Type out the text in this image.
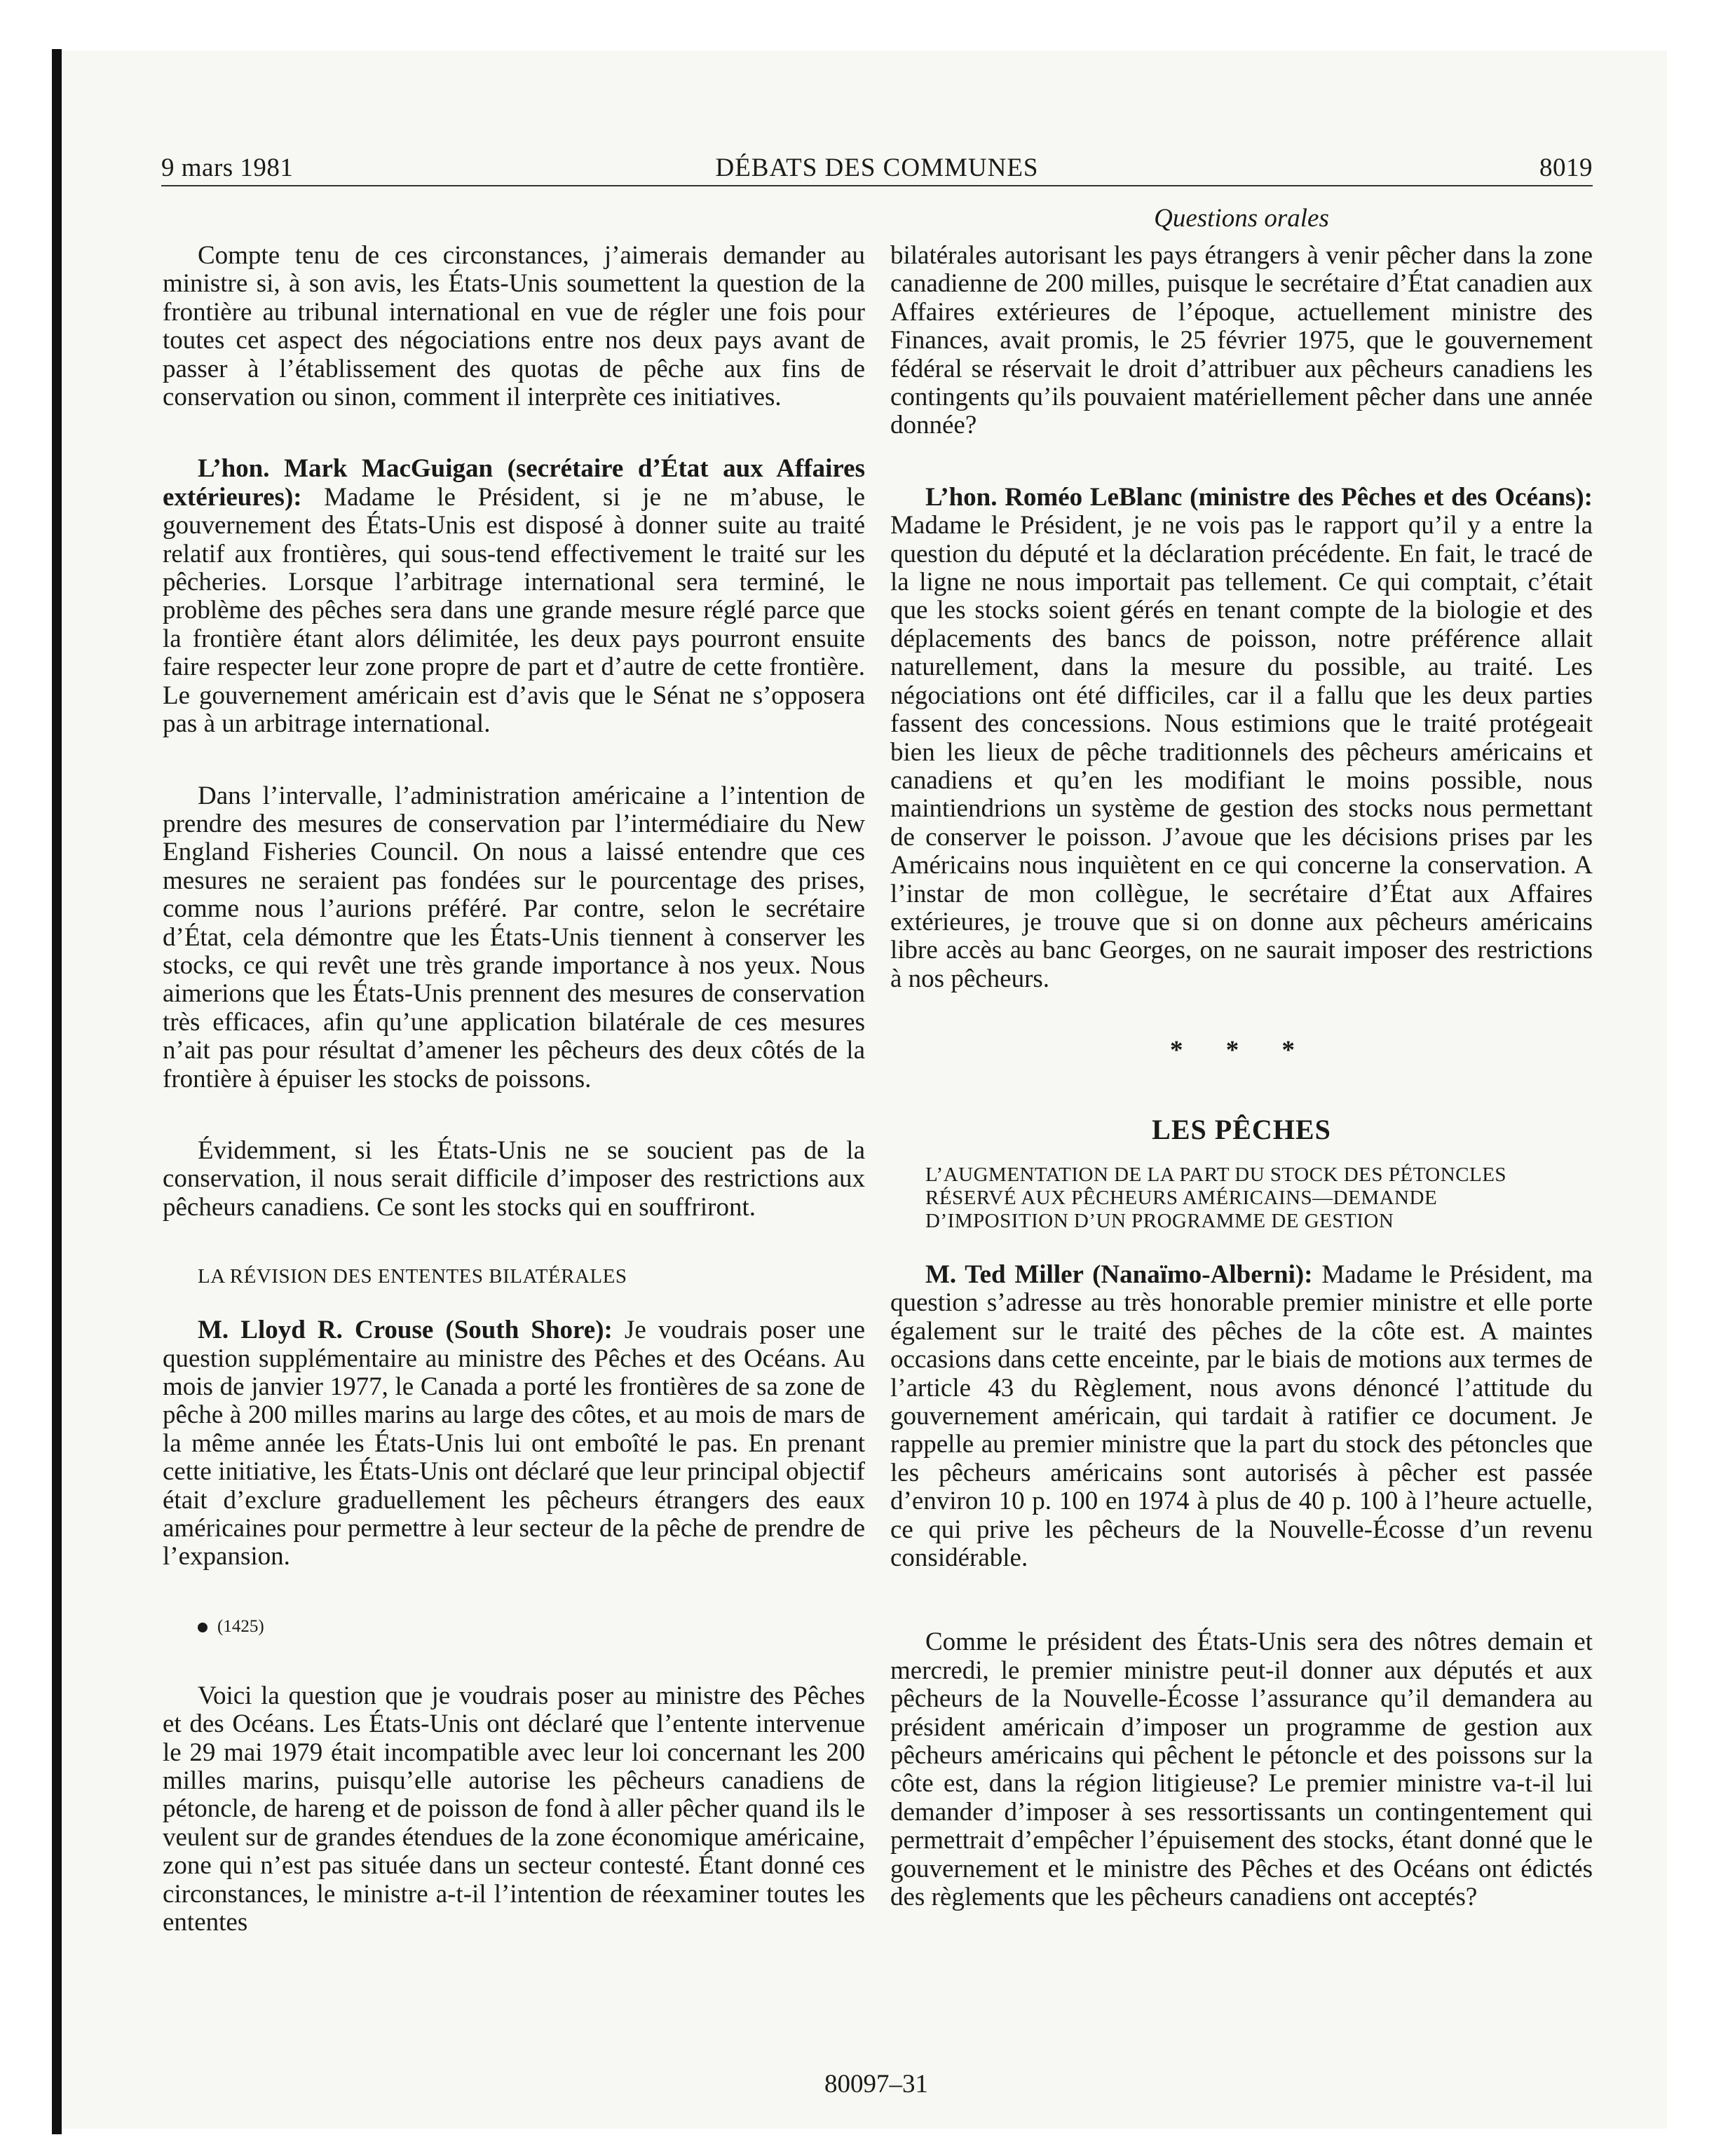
9 mars 1981	DÉBATS DES COMMUNES	8019
Questions orales

Compte tenu de ces circonstances, j’aimerais demander au ministre si, à son avis, les États-Unis soumettent la question de la frontière au tribunal international en vue de régler une fois pour toutes cet aspect des négociations entre nos deux pays avant de passer à l’établissement des quotas de pêche aux fins de conservation ou sinon, comment il interprète ces initiatives.

L’hon. Mark MacGuigan (secrétaire d’État aux Affaires extérieures): Madame le Président, si je ne m’abuse, le gouvernement des États-Unis est disposé à donner suite au traité relatif aux frontières, qui sous-tend effectivement le traité sur les pêcheries. Lorsque l’arbitrage international sera terminé, le problème des pêches sera dans une grande mesure réglé parce que la frontière étant alors délimitée, les deux pays pourront ensuite faire respecter leur zone propre de part et d’autre de cette frontière. Le gouvernement américain est d’avis que le Sénat ne s’opposera pas à un arbitrage international.

Dans l’intervalle, l’administration américaine a l’intention de prendre des mesures de conservation par l’intermédiaire du New England Fisheries Council. On nous a laissé entendre que ces mesures ne seraient pas fondées sur le pourcentage des prises, comme nous l’aurions préféré. Par contre, selon le secrétaire d’État, cela démontre que les États-Unis tiennent à conserver les stocks, ce qui revêt une très grande importance à nos yeux. Nous aimerions que les États-Unis prennent des mesures de conservation très efficaces, afin qu’une application bilatérale de ces mesures n’ait pas pour résultat d’amener les pêcheurs des deux côtés de la frontière à épuiser les stocks de poissons.

Évidemment, si les États-Unis ne se soucient pas de la conservation, il nous serait difficile d’imposer des restrictions aux pêcheurs canadiens. Ce sont les stocks qui en souffriront.

LA RÉVISION DES ENTENTES BILATÉRALES

M. Lloyd R. Crouse (South Shore): Je voudrais poser une question supplémentaire au ministre des Pêches et des Océans. Au mois de janvier 1977, le Canada a porté les frontières de sa zone de pêche à 200 milles marins au large des côtes, et au mois de mars de la même année les États-Unis lui ont emboîté le pas. En prenant cette initiative, les États-Unis ont déclaré que leur principal objectif était d’exclure graduellement les pêcheurs étrangers des eaux américaines pour permettre à leur secteur de la pêche de prendre de l’expansion.

(1425)

Voici la question que je voudrais poser au ministre des Pêches et des Océans. Les États-Unis ont déclaré que l’entente intervenue le 29 mai 1979 était incompatible avec leur loi concernant les 200 milles marins, puisqu’elle autorise les pêcheurs canadiens de pétoncle, de hareng et de poisson de fond à aller pêcher quand ils le veulent sur de grandes étendues de la zone économique américaine, zone qui n’est pas située dans un secteur contesté. Étant donné ces circonstances, le ministre a-t-il l’intention de réexaminer toutes les ententes

bilatérales autorisant les pays étrangers à venir pêcher dans la zone canadienne de 200 milles, puisque le secrétaire d’État canadien aux Affaires extérieures de l’époque, actuellement ministre des Finances, avait promis, le 25 février 1975, que le gouvernement fédéral se réservait le droit d’attribuer aux pêcheurs canadiens les contingents qu’ils pouvaient matériellement pêcher dans une année donnée?

L’hon. Roméo LeBlanc (ministre des Pêches et des Océans): Madame le Président, je ne vois pas le rapport qu’il y a entre la question du député et la déclaration précédente. En fait, le tracé de la ligne ne nous importait pas tellement. Ce qui comptait, c’était que les stocks soient gérés en tenant compte de la biologie et des déplacements des bancs de poisson, notre préférence allait naturellement, dans la mesure du possible, au traité. Les négociations ont été difficiles, car il a fallu que les deux parties fassent des concessions. Nous estimions que le traité protégeait bien les lieux de pêche traditionnels des pêcheurs américains et canadiens et qu’en les modifiant le moins possible, nous maintiendrions un système de gestion des stocks nous permettant de conserver le poisson. J’avoue que les décisions prises par les Américains nous inquiètent en ce qui concerne la conservation. A l’instar de mon collègue, le secrétaire d’État aux Affaires extérieures, je trouve que si on donne aux pêcheurs américains libre accès au banc Georges, on ne saurait imposer des restrictions à nos pêcheurs.

* * *
LES PÊCHES

L’AUGMENTATION DE LA PART DU STOCK DES PÉTONCLES

RÉSERVÉ AUX PÊCHEURS AMÉRICAINS—DEMANDE

D’IMPOSITION D’UN PROGRAMME DE GESTION

M. Ted Miller (Nanaïmo-Alberni): Madame le Président, ma question s’adresse au très honorable premier ministre et elle porte également sur le traité des pêches de la côte est. A maintes occasions dans cette enceinte, par le biais de motions aux termes de l’article 43 du Règlement, nous avons dénoncé l’attitude du gouvernement américain, qui tardait à ratifier ce document. Je rappelle au premier ministre que la part du stock des pétoncles que les pêcheurs américains sont autorisés à pêcher est passée d’environ 10 p. 100 en 1974 à plus de 40 p. 100 à l’heure actuelle, ce qui prive les pêcheurs de la Nouvelle-Écosse d’un revenu considérable.

Comme le président des États-Unis sera des nôtres demain et mercredi, le premier ministre peut-il donner aux députés et aux pêcheurs de la Nouvelle-Écosse l’assurance qu’il demandera au président américain d’imposer un programme de gestion aux pêcheurs américains qui pêchent le pétoncle et des poissons sur la côte est, dans la région litigieuse? Le premier ministre va-t-il lui demander d’imposer à ses ressortissants un contingentement qui permettrait d’empêcher l’épuisement des stocks, étant donné que le gouvernement et le ministre des Pêches et des Océans ont édictés des règlements que les pêcheurs canadiens ont acceptés?

80097–31
